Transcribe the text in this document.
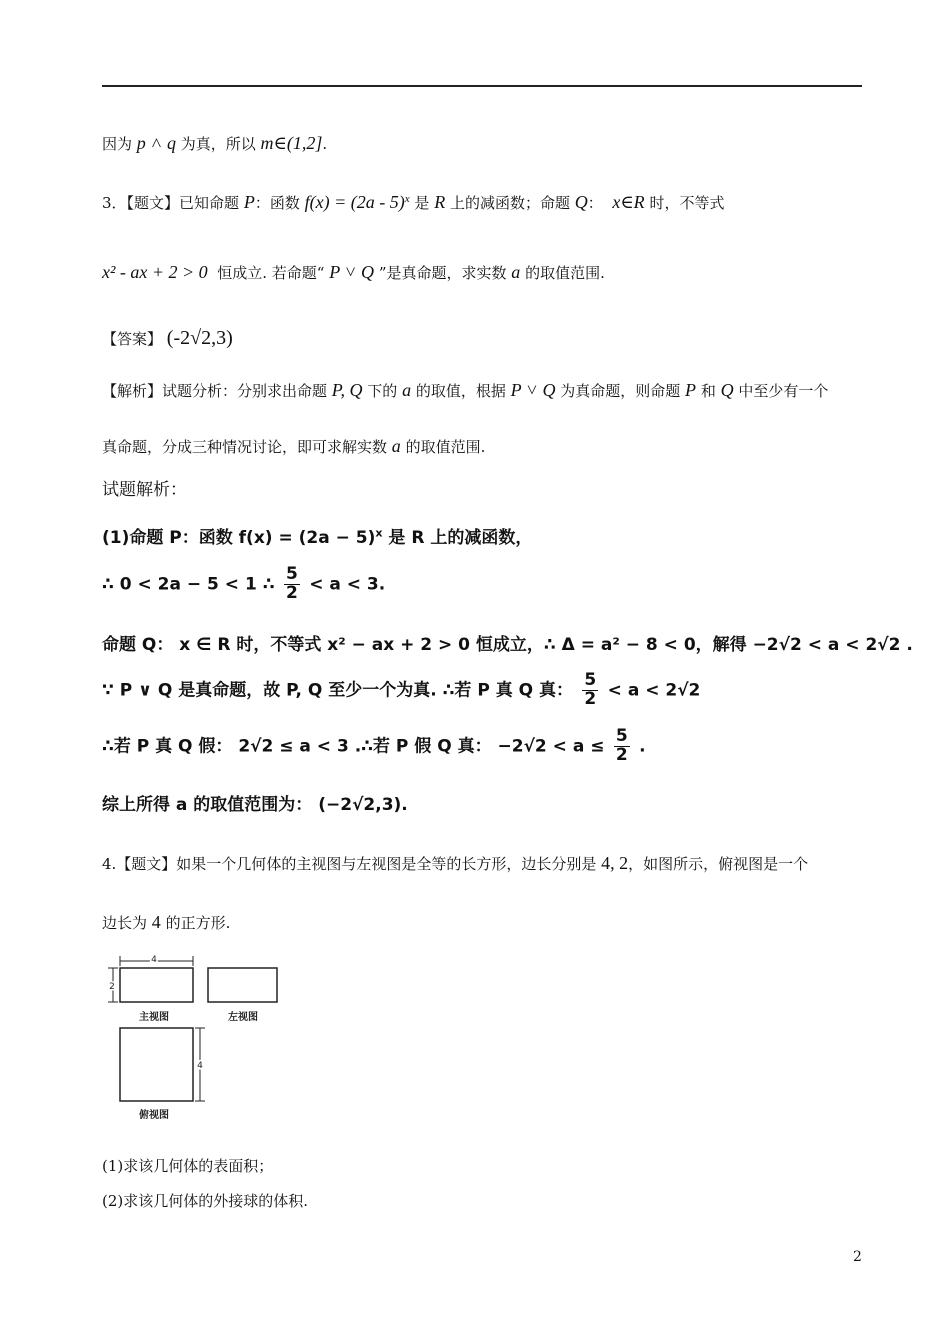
因为 p ˄ q 为真，所以 m∈(1,2].
3．【题文】已知命题 P：函数 f(x) = (2a - 5)$^x$ 是 R 上的减函数；命题 Q： x∈R 时，不等式
x² - ax + 2 > 0 恒成立. 若命题“ P ˅ Q ”是真命题，求实数 a 的取值范围.
【答案】 (-2√2,3)
【解析】试题分析：分别求出命题 P, Q 下的 a 的取值，根据 P ˅ Q 为真命题，则命题 P 和 Q 中至少有一个
真命题，分成三种情况讨论，即可求解实数 a 的取值范围.
试题解析：
(1)命题 P：函数 $f(x) = (2a - 5)^x$ 是 R 上的减函数，
∴ 0 < 2a − 5 < 1 ∴ $\frac{5}{2} < a < 3$.
命题 Q： x ∈ R 时，不等式 x² − ax + 2 > 0 恒成立，∴ Δ = a² − 8 < 0，解得 −2√2 < a < 2√2 .
∵ P ∨ Q 是真命题，故 P, Q 至少一个为真. ∴若 P 真 Q 真： $\frac{5}{2} < a < 2√2$
∴若 P 真 Q 假： 2√2 ≤ a < 3 .∴若 P 假 Q 真： $-2√2 < a \le \frac{5}{2}$ .
综上所得 a 的取值范围为： (−2√2,3).
4.【题文】如果一个几何体的主视图与左视图是全等的长方形，边长分别是 4, 2，如图所示，俯视图是一个
边长为 4 的正方形.
4
2
主视图	左视图
4
俯视图
(1)求该几何体的表面积；
(2)求该几何体的外接球的体积.
2
